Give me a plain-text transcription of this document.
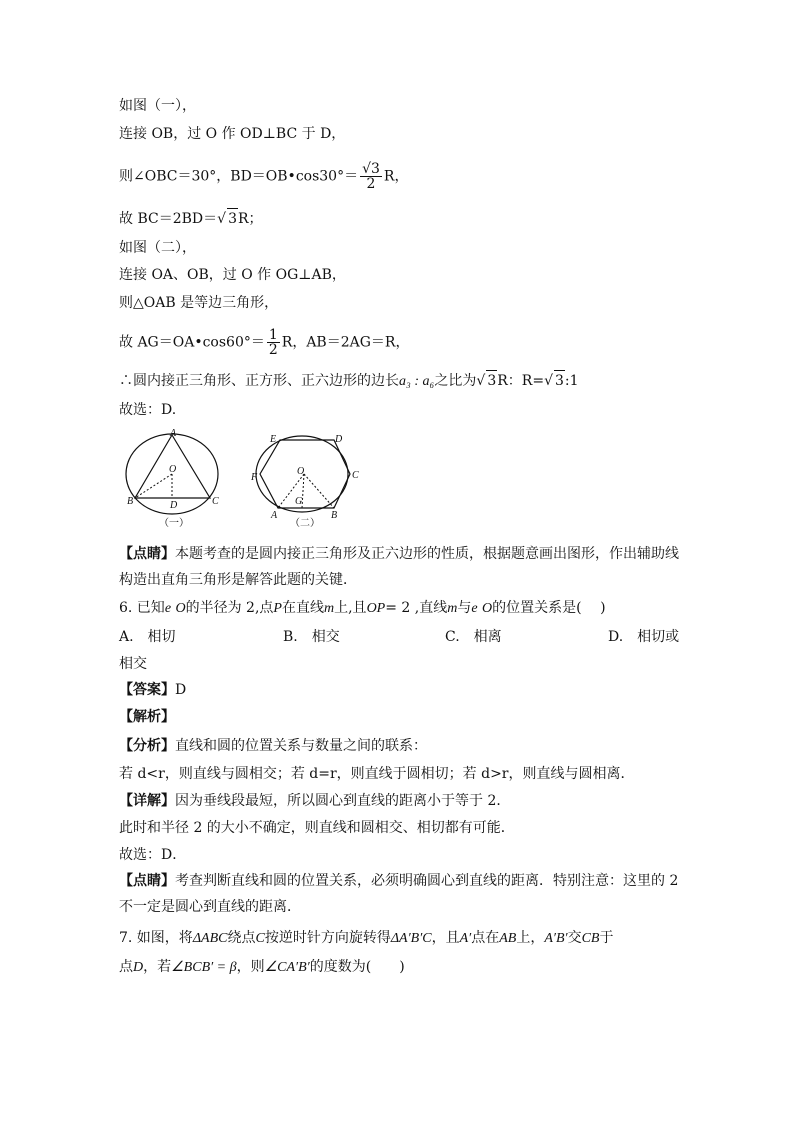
如图（一），
连接 OB，过 O 作 OD⊥BC 于 D，
则∠OBC＝30°，BD＝OB•cos30°＝ $\frac{√3}{2}$ R，
故 BC＝2BD＝√ 3R；
如图（二），
连接 OA、OB，过 O 作 OG⊥AB，
则△OAB 是等边三角形，
故 AG＝OA•cos60°＝ $\frac{1}{2}$ R，AB＝2AG＝R，
∴圆内接正三角形、正方形、正六边形的边长a₃ : a₆之比为√ 3R：R=√ 3:1
故选：D.
A
O
B	D	C
（一）
E	D
O	C
F
G
A	B
（二）
【点睛】本题考查的是圆内接正三角形及正六边形的性质，根据题意画出图形，作出辅助线构造出直角三角形是解答此题的关键．
6. 已知e O的半径为 2,点P在直线m上,且OP= 2 ,直线m与e O的位置关系是(　 )
A.　相切	B.　相交	C.　相离	D.　相切或
相交
【答案】D
【解析】
【分析】直线和圆的位置关系与数量之间的联系：
若 d<r，则直线与圆相交；若 d=r，则直线于圆相切；若 d>r，则直线与圆相离．
【详解】因为垂线段最短，所以圆心到直线的距离小于等于 2．
此时和半径 2 的大小不确定，则直线和圆相交、相切都有可能．
故选：D．
【点睛】考查判断直线和圆的位置关系，必须明确圆心到直线的距离．特别注意：这里的 2 不一定是圆心到直线的距离．
7. 如图，将ΔABC绕点C按逆时针方向旋转得ΔA′B′C，且A′点在AB上，A′B′交CB于
点D，若∠BCB′ = β，则∠CA′B′的度数为(　　)
